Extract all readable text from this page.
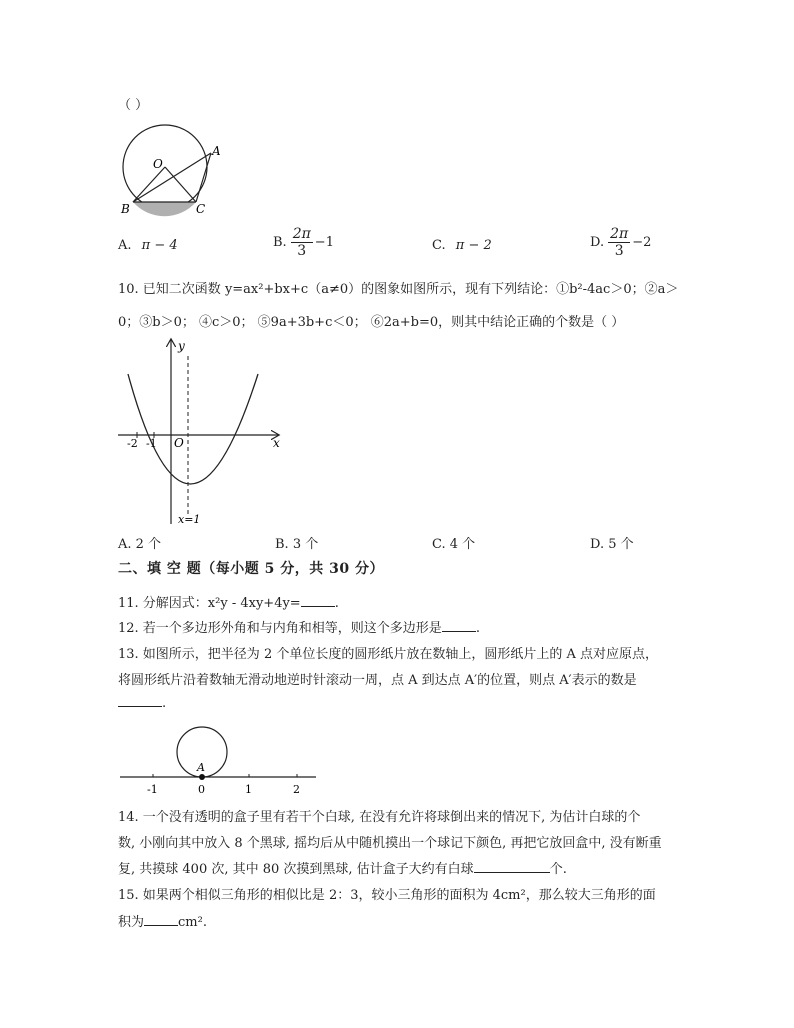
（ ）
O
A
B	C
A. π − 4	B. $\frac{2\pi}{3} -1$	C. π − 2	D. $\frac{2\pi}{3} -2$
10. 已知二次函数 y=ax²+bx+c（a≠0）的图象如图所示，现有下列结论：①b²-4ac＞0；②a＞
0；③b＞0； ④c＞0； ⑤9a+3b+c＜0； ⑥2a+b=0，则其中结论正确的个数是（ ）
y
x
O
-2 -1
x=1
A. 2 个	B. 3 个	C. 4 个	D. 5 个
二、填 空 题（每小题 5 分，共 30 分）
11. 分解因式：x²y - 4xy+4y=	.
12. 若一个多边形外角和与内角和相等，则这个多边形是	.
13. 如图所示，把半径为 2 个单位长度的圆形纸片放在数轴上，圆形纸片上的 A 点对应原点，
将圆形纸片沿着数轴无滑动地逆时针滚动一周，点 A 到达点 A′的位置，则点 A′表示的数是
.
A
-1	0	1	2
14. 一个没有透明的盒子里有若干个白球, 在没有允许将球倒出来的情况下, 为估计白球的个
数, 小刚向其中放入 8 个黑球, 摇均后从中随机摸出一个球记下颜色, 再把它放回盒中, 没有断重
复, 共摸球 400 次, 其中 80 次摸到黑球, 估计盒子大约有白球	个.
15. 如果两个相似三角形的相似比是 2：3，较小三角形的面积为 4cm²，那么较大三角形的面
积为	cm².
